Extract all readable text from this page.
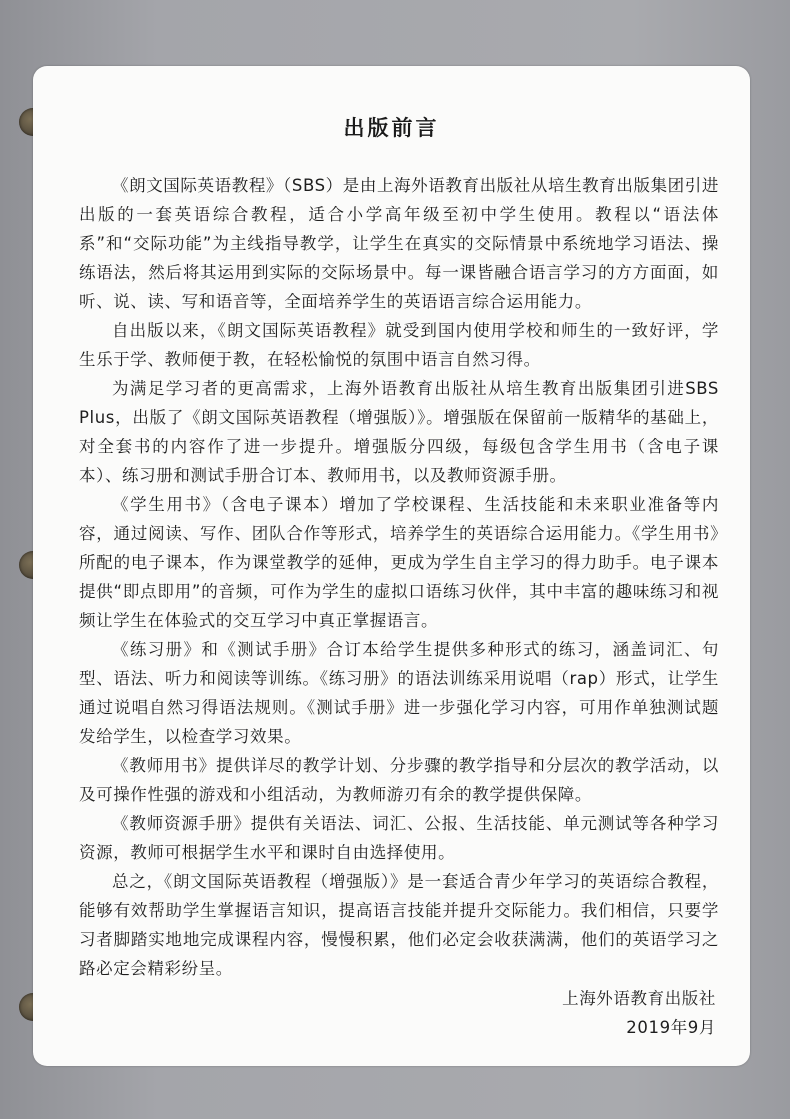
出版前言

《朗文国际英语教程》（SBS）是由上海外语教育出版社从培生教育出版集团引进出版的一套英语综合教程，适合小学高年级至初中学生使用。教程以“语法体系”和“交际功能”为主线指导教学，让学生在真实的交际情景中系统地学习语法、操练语法，然后将其运用到实际的交际场景中。每一课皆融合语言学习的方方面面，如听、说、读、写和语音等，全面培养学生的英语语言综合运用能力。

自出版以来，《朗文国际英语教程》就受到国内使用学校和师生的一致好评，学生乐于学、教师便于教，在轻松愉悦的氛围中语言自然习得。

为满足学习者的更高需求，上海外语教育出版社从培生教育出版集团引进SBS Plus，出版了《朗文国际英语教程（增强版）》。增强版在保留前一版精华的基础上，对全套书的内容作了进一步提升。增强版分四级，每级包含学生用书（含电子课本）、练习册和测试手册合订本、教师用书，以及教师资源手册。

《学生用书》（含电子课本）增加了学校课程、生活技能和未来职业准备等内容，通过阅读、写作、团队合作等形式，培养学生的英语综合运用能力。《学生用书》所配的电子课本，作为课堂教学的延伸，更成为学生自主学习的得力助手。电子课本提供“即点即用”的音频，可作为学生的虚拟口语练习伙伴，其中丰富的趣味练习和视频让学生在体验式的交互学习中真正掌握语言。

《练习册》和《测试手册》合订本给学生提供多种形式的练习，涵盖词汇、句型、语法、听力和阅读等训练。《练习册》的语法训练采用说唱（rap）形式，让学生通过说唱自然习得语法规则。《测试手册》进一步强化学习内容，可用作单独测试题发给学生，以检查学习效果。

《教师用书》提供详尽的教学计划、分步骤的教学指导和分层次的教学活动，以及可操作性强的游戏和小组活动，为教师游刃有余的教学提供保障。

《教师资源手册》提供有关语法、词汇、公报、生活技能、单元测试等各种学习资源，教师可根据学生水平和课时自由选择使用。

总之，《朗文国际英语教程（增强版）》是一套适合青少年学习的英语综合教程，能够有效帮助学生掌握语言知识，提高语言技能并提升交际能力。我们相信，只要学习者脚踏实地地完成课程内容，慢慢积累，他们必定会收获满满，他们的英语学习之路必定会精彩纷呈。

上海外语教育出版社
2019年9月
